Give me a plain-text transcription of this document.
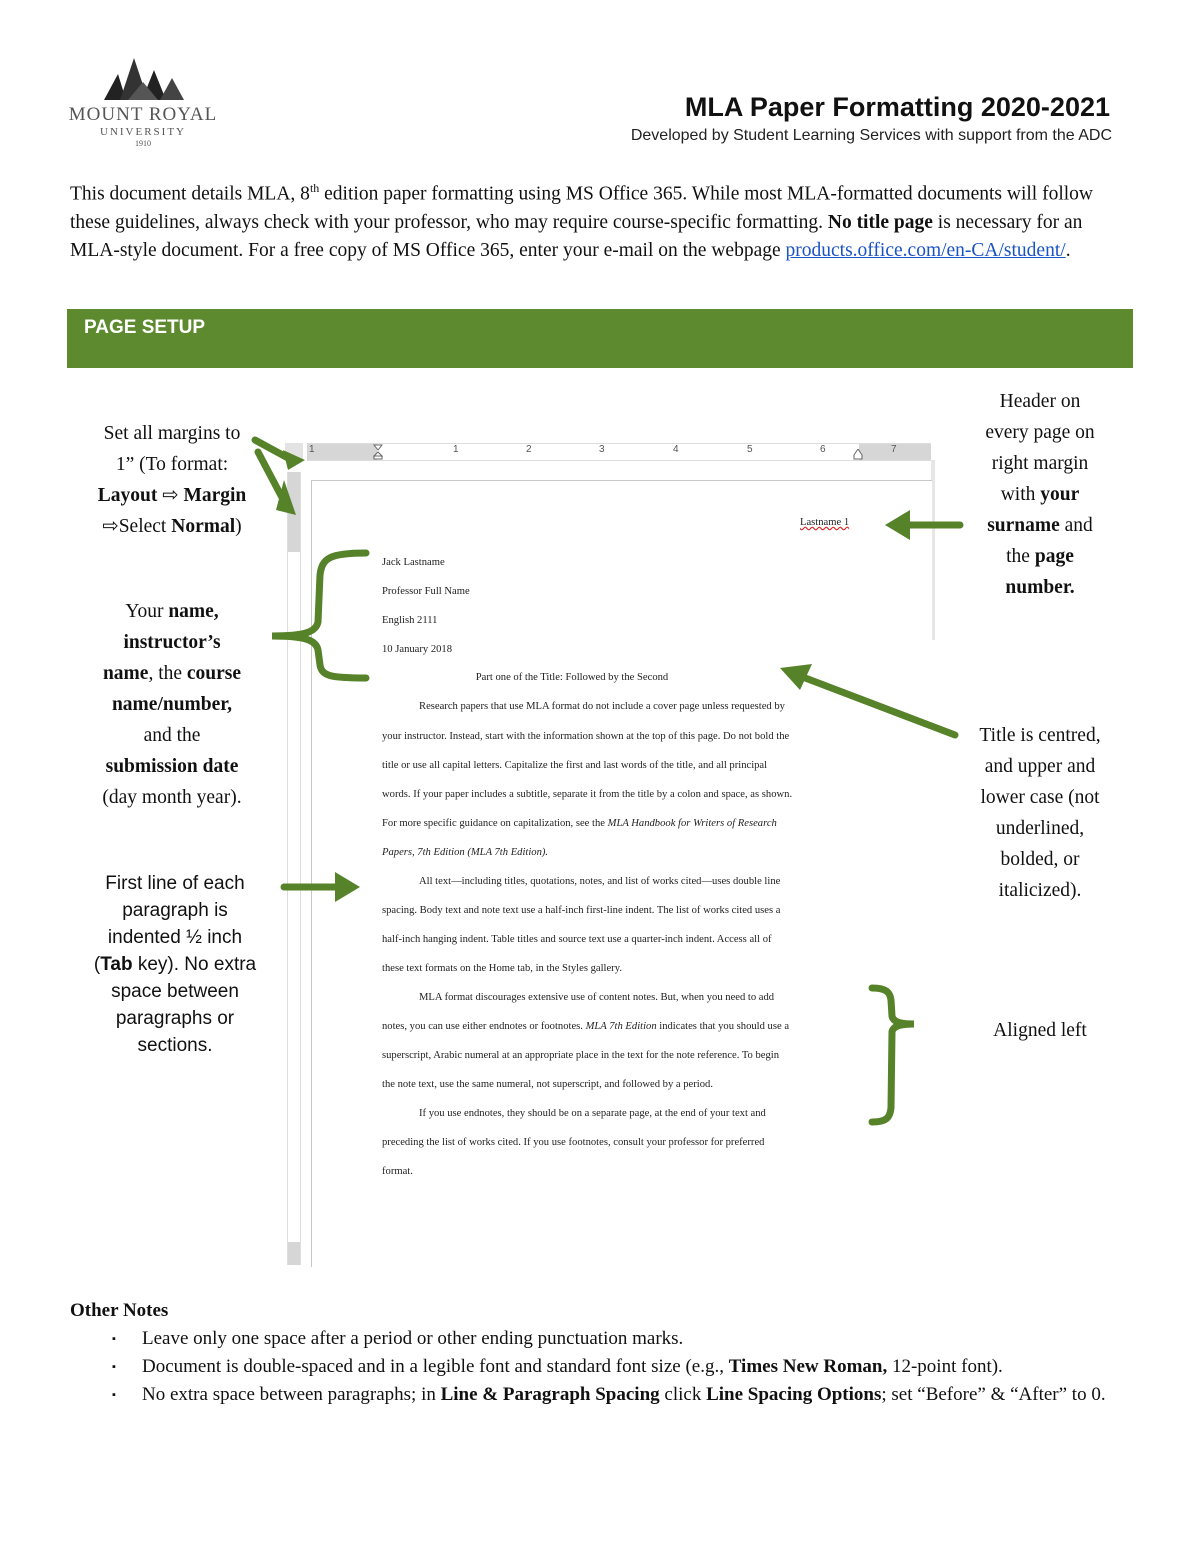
MOUNT ROYAL
UNIVERSITY
1910
MLA Paper Formatting 2020-2021
Developed by Student Learning Services with support from the ADC
This document details MLA, 8th edition paper formatting using MS Office 365. While most MLA-formatted documents will follow these guidelines, always check with your professor, who may require course-specific formatting. No title page is necessary for an MLA-style document. For a free copy of MS Office 365, enter your e-mail on the webpage products.office.com/en-CA/student/.
PAGE SETUP
Set all margins to
1” (To format:
Layout ⇨ Margin
⇨Select Normal)
Your name,
instructor’s
name, the course
name/number,
and the
submission date
(day month year).
First line of each
paragraph is
indented ½ inch
(Tab key). No extra
space between
paragraphs or
sections.
Header on
every page on
right margin
with your
surname and
the page
number.
Title is centred,
and upper and
lower case (not
underlined,
bolded, or
italicized).
Aligned left
1	1	2	3	4	5	6	7
Lastname 1
Jack Lastname
Professor Full Name
English 2111
10 January 2018
Part one of the Title: Followed by the Second
Research papers that use MLA format do not include a cover page unless requested by
your instructor. Instead, start with the information shown at the top of this page. Do not bold the
title or use all capital letters. Capitalize the first and last words of the title, and all principal
words. If your paper includes a subtitle, separate it from the title by a colon and space, as shown.
For more specific guidance on capitalization, see the MLA Handbook for Writers of Research
Papers, 7th Edition (MLA 7th Edition).
All text—including titles, quotations, notes, and list of works cited—uses double line
spacing. Body text and note text use a half-inch first-line indent. The list of works cited uses a
half-inch hanging indent. Table titles and source text use a quarter-inch indent. Access all of
these text formats on the Home tab, in the Styles gallery.
MLA format discourages extensive use of content notes. But, when you need to add
notes, you can use either endnotes or footnotes. MLA 7th Edition indicates that you should use a
superscript, Arabic numeral at an appropriate place in the text for the note reference. To begin
the note text, use the same numeral, not superscript, and followed by a period.
If you use endnotes, they should be on a separate page, at the end of your text and
preceding the list of works cited. If you use footnotes, consult your professor for preferred
format.
Other Notes
▪ Leave only one space after a period or other ending punctuation marks.
▪ Document is double-spaced and in a legible font and standard font size (e.g., Times New Roman, 12-point font).
▪ No extra space between paragraphs; in Line & Paragraph Spacing click Line Spacing Options; set “Before” & “After” to 0.
